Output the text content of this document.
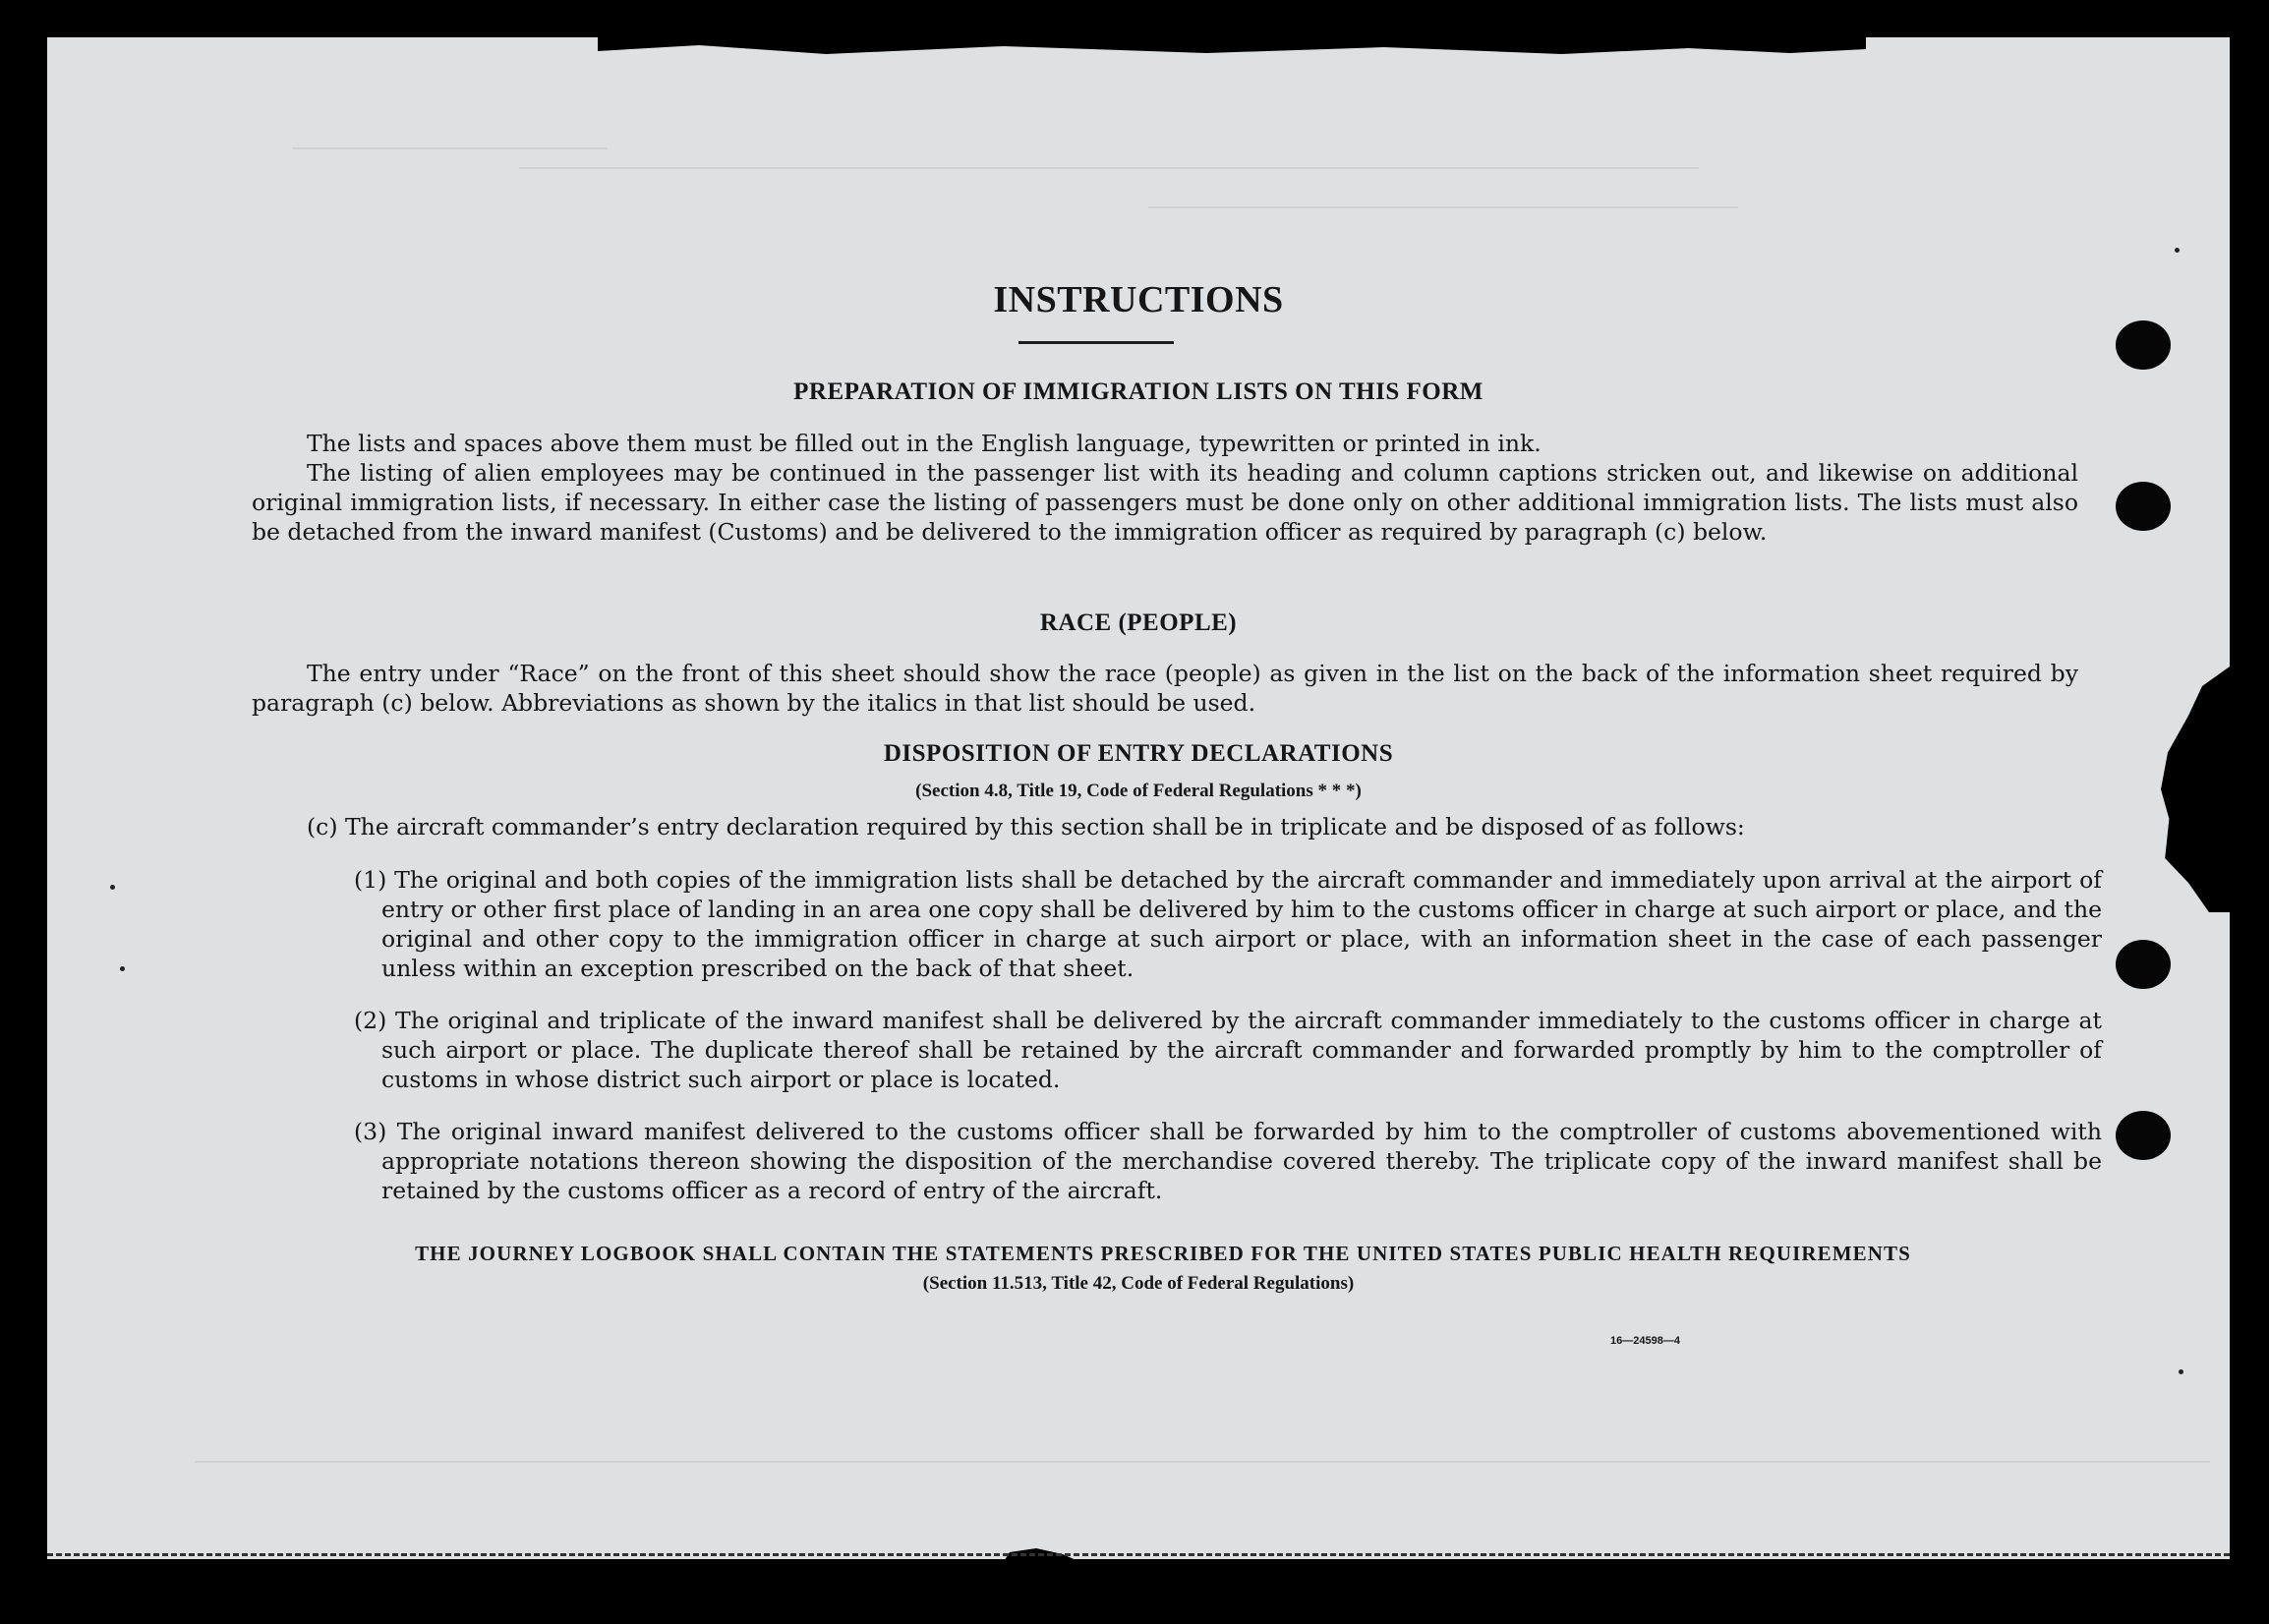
INSTRUCTIONS
PREPARATION OF IMMIGRATION LISTS ON THIS FORM

The lists and spaces above them must be filled out in the English language, typewritten or printed in ink.

The listing of alien employees may be continued in the passenger list with its heading and column captions stricken out, and likewise on additional original immigration lists, if necessary. In either case the listing of passengers must be done only on other additional immigration lists. The lists must also be detached from the inward manifest (Customs) and be delivered to the immigration officer as required by paragraph (c) below.

RACE (PEOPLE)

The entry under “Race” on the front of this sheet should show the race (people) as given in the list on the back of the information sheet required by paragraph (c) below. Abbreviations as shown by the italics in that list should be used.

DISPOSITION OF ENTRY DECLARATIONS
(Section 4.8, Title 19, Code of Federal Regulations * * *)
(c) The aircraft commander’s entry declaration required by this section shall be in triplicate and be disposed of as follows:
(1) The original and both copies of the immigration lists shall be detached by the aircraft commander and immediately upon arrival at the airport of entry or other first place of landing in an area one copy shall be delivered by him to the customs officer in charge at such airport or place, and the original and other copy to the immigration officer in charge at such airport or place, with an information sheet in the case of each passenger unless within an exception prescribed on the back of that sheet.
(2) The original and triplicate of the inward manifest shall be delivered by the aircraft commander immediately to the customs officer in charge at such airport or place. The duplicate thereof shall be retained by the aircraft commander and forwarded promptly by him to the comptroller of customs in whose district such airport or place is located.
(3) The original inward manifest delivered to the customs officer shall be forwarded by him to the comptroller of customs abovementioned with appropriate notations thereon showing the disposition of the merchandise covered thereby. The triplicate copy of the inward manifest shall be retained by the customs officer as a record of entry of the aircraft.
THE JOURNEY LOGBOOK SHALL CONTAIN THE STATEMENTS PRESCRIBED FOR THE UNITED STATES PUBLIC HEALTH REQUIREMENTS
(Section 11.513, Title 42, Code of Federal Regulations)
16—24598—4
